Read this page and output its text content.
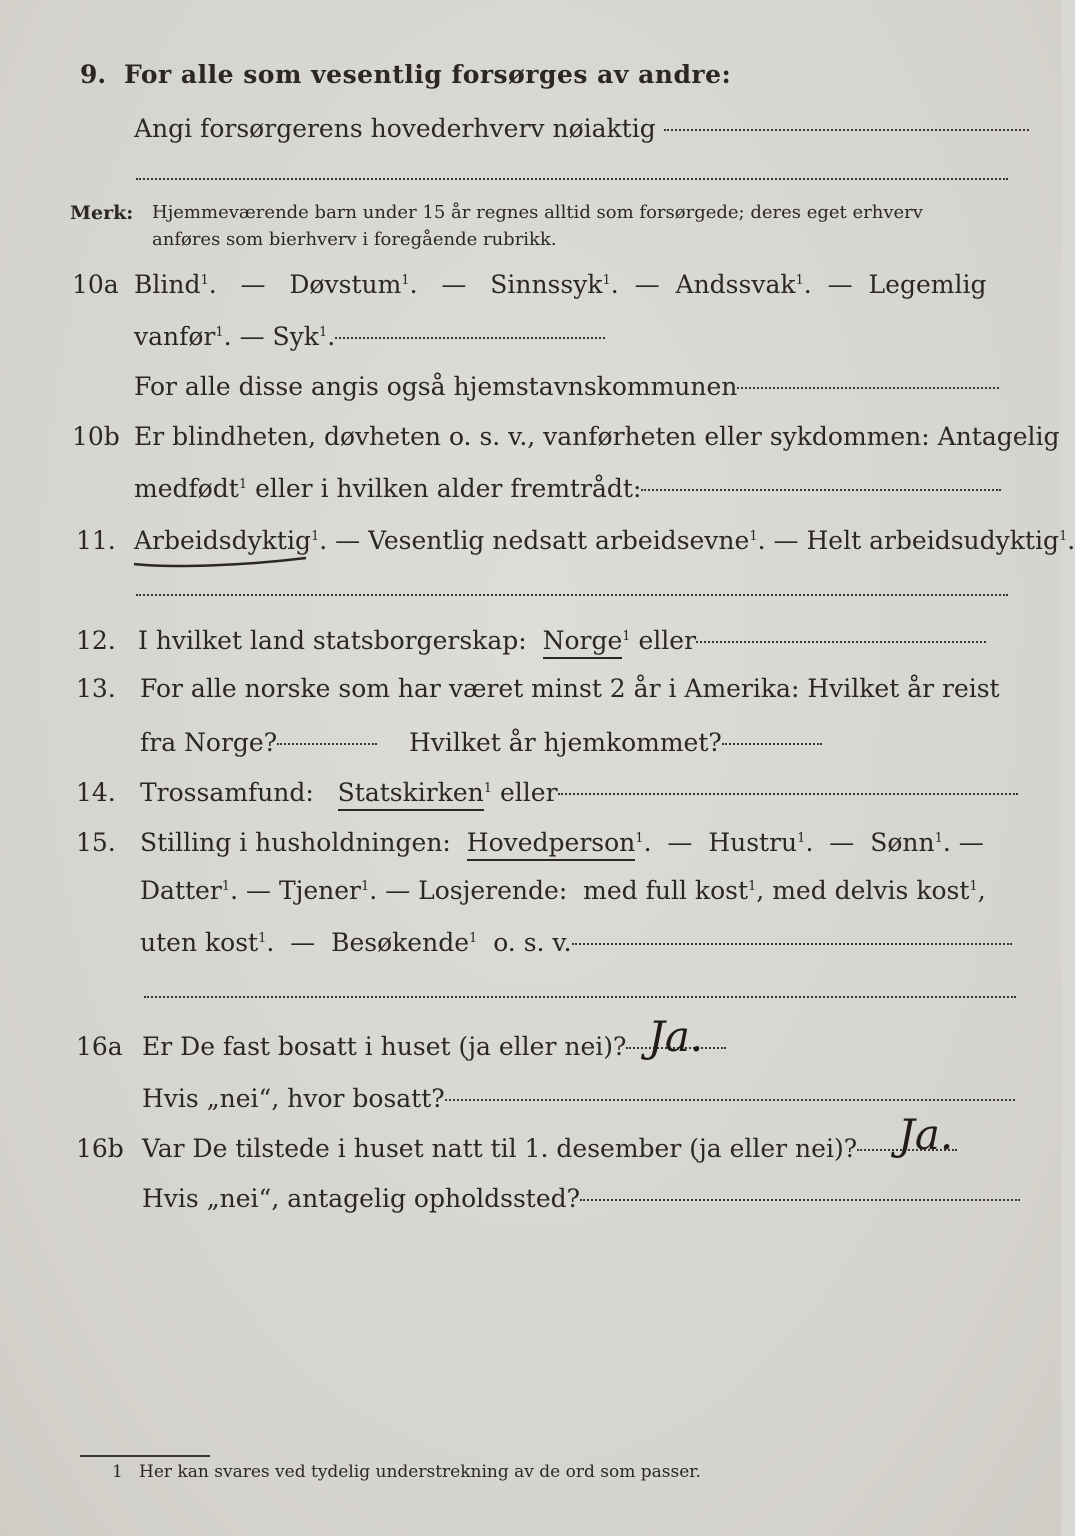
9. For alle som vesentlig forsørges av andre:
Angi forsørgerens hovederhverv nøiaktig
Merk: Hjemmeværende barn under 15 år regnes alltid som forsørgede; deres eget erhverv
anføres som bierhverv i foregående rubrikk.
10a Blind$^1$.   — Døvstum$^1$.   — Sinnssyk$^1$.  — Andssvak$^1$.  — Legemlig
vanfør$^1$. — Syk$^1$.
For alle disse angis også hjemstavnskommunen
10b Er blindheten, døvheten o. s. v., vanførheten eller sykdommen: Antagelig
medfødt$^1$ eller i hvilken alder fremtrådt:
11. Arbeidsdyktig$^1$. — Vesentlig nedsatt arbeidsevne$^1$. — Helt arbeidsudyktig$^1$.
12. I hvilket land statsborgerskap: Norge$^1$ eller
13. For alle norske som har været minst 2 år i Amerika: Hvilket år reist
fra Norge?	Hvilket år hjemkommet?
14. Trossamfund: Statskirken$^1$ eller
15. Stilling i husholdningen: Hovedperson$^1$.  — Hustru$^1$.  — Sønn$^1$. —
Datter$^1$. — Tjener$^1$. — Losjerende: med full kost$^1$, med delvis kost$^1$,
uten kost$^1$.  — Besøkende$^1$ o. s. v.
16a Er De fast bosatt i huset (ja eller nei)? Ja.
Hvis „nei“, hvor bosatt?
16b Var De tilstede i huset natt til 1. desember (ja eller nei)? Ja.
Hvis „nei“, antagelig opholdssted?
1 Her kan svares ved tydelig understrekning av de ord som passer.
